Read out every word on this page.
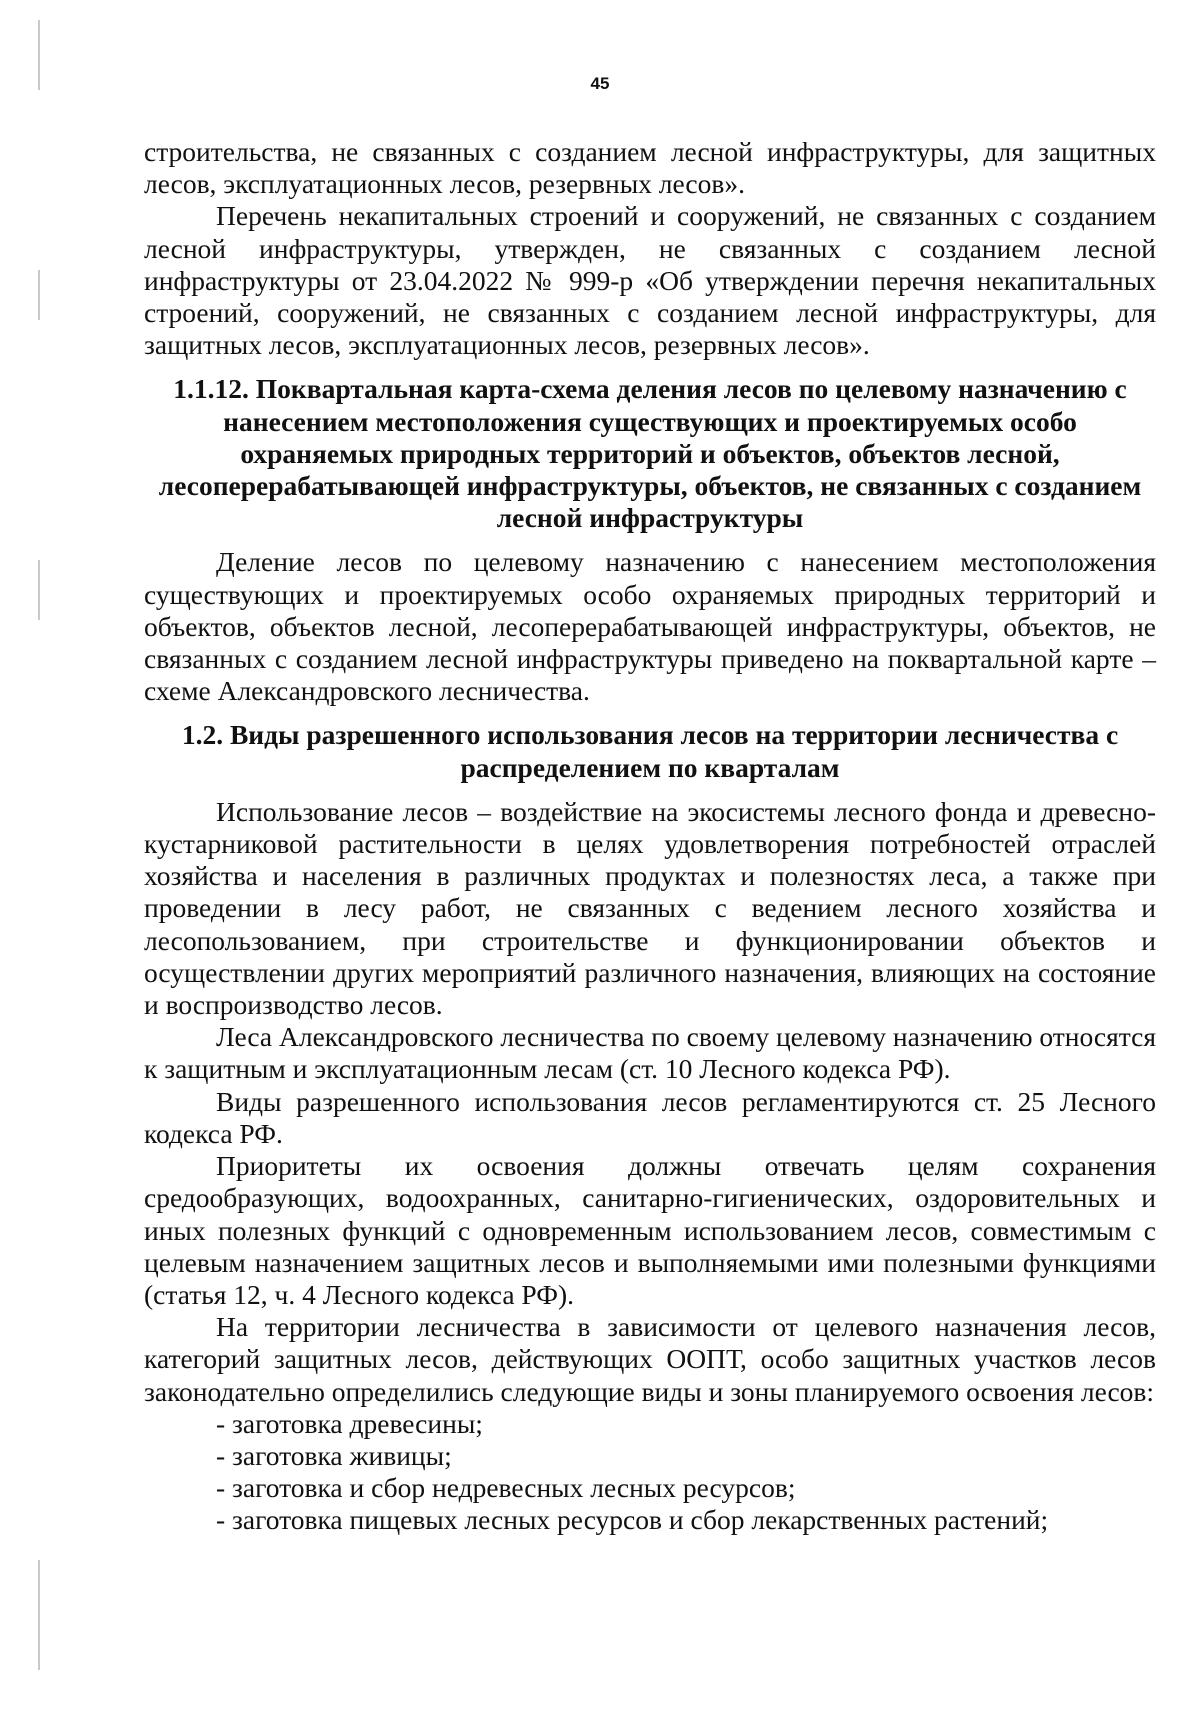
45

строительства, не связанных с созданием лесной инфраструктуры, для защитных лесов, эксплуатационных лесов, резервных лесов».

Перечень некапитальных строений и сооружений, не связанных с созданием лесной инфраструктуры, утвержден, не связанных с созданием лесной инфраструктуры от 23.04.2022 № 999-р «Об утверждении перечня некапитальных строений, сооружений, не связанных с созданием лесной инфраструктуры, для защитных лесов, эксплуатационных лесов, резервных лесов».

1.1.12. Поквартальная карта-схема деления лесов по целевому назначению с нанесением местоположения существующих и проектируемых особо охраняемых природных территорий и объектов, объектов лесной, лесоперерабатывающей инфраструктуры, объектов, не связанных с созданием лесной инфраструктуры

Деление лесов по целевому назначению с нанесением местоположения существующих и проектируемых особо охраняемых природных территорий и объектов, объектов лесной, лесоперерабатывающей инфраструктуры, объектов, не связанных с созданием лесной инфраструктуры приведено на поквартальной карте – схеме Александровского лесничества.

1.2. Виды разрешенного использования лесов на территории лесничества с распределением по кварталам

Использование лесов – воздействие на экосистемы лесного фонда и древесно-кустарниковой растительности в целях удовлетворения потребностей отраслей хозяйства и населения в различных продуктах и полезностях леса, а также при проведении в лесу работ, не связанных с ведением лесного хозяйства и лесопользованием, при строительстве и функционировании объектов и осуществлении других мероприятий различного назначения, влияющих на состояние и воспроизводство лесов.

Леса Александровского лесничества по своему целевому назначению относятся к защитным и эксплуатационным лесам (ст. 10 Лесного кодекса РФ).

Виды разрешенного использования лесов регламентируются ст. 25 Лесного кодекса РФ.

Приоритеты их освоения должны отвечать целям сохранения средообразующих, водоохранных, санитарно-гигиенических, оздоровительных и иных полезных функций с одновременным использованием лесов, совместимым с целевым назначением защитных лесов и выполняемыми ими полезными функциями (статья 12, ч. 4 Лесного кодекса РФ).

На территории лесничества в зависимости от целевого назначения лесов, категорий защитных лесов, действующих ООПТ, особо защитных участков лесов законодательно определились следующие виды и зоны планируемого освоения лесов:

- заготовка древесины;
- заготовка живицы;
- заготовка и сбор недревесных лесных ресурсов;
- заготовка пищевых лесных ресурсов и сбор лекарственных растений;
